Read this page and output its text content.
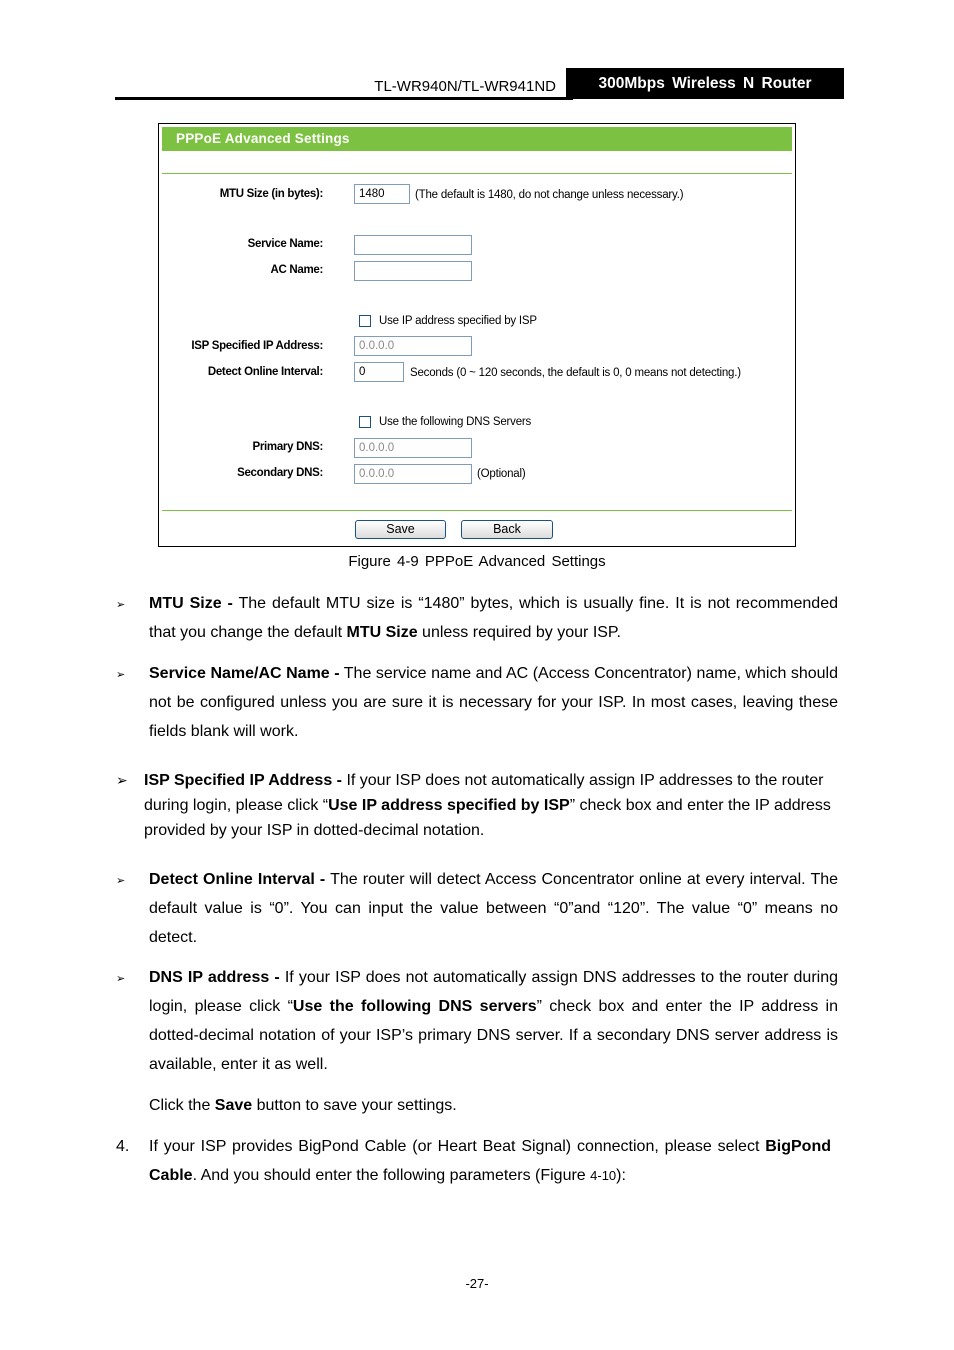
TL-WR940N/TL-WR941ND	300Mbps Wireless N Router
PPPoE Advanced Settings
MTU Size (in bytes):	1480	(The default is 1480, do not change unless necessary.)
Service Name:
AC Name:
Use IP address specified by ISP
ISP Specified IP Address:	0.0.0.0
Detect Online Interval:	0	Seconds (0 ~ 120 seconds, the default is 0, 0 means not detecting.)
Use the following DNS Servers
Primary DNS:	0.0.0.0
Secondary DNS:	0.0.0.0	(Optional)
Save	Back
Figure 4-9 PPPoE Advanced Settings
➢ MTU Size - The default MTU size is “1480” bytes, which is usually fine. It is not recommended that you change the default MTU Size unless required by your ISP.
➢ Service Name/AC Name - The service name and AC (Access Concentrator) name, which should not be configured unless you are sure it is necessary for your ISP. In most cases, leaving these fields blank will work.
➢ ISP Specified IP Address - If your ISP does not automatically assign IP addresses to the router during login, please click “Use IP address specified by ISP” check box and enter the IP address provided by your ISP in dotted-decimal notation.
➢ Detect Online Interval - The router will detect Access Concentrator online at every interval. The default value is “0”. You can input the value between “0”and “120”. The value “0” means no detect.
➢ DNS IP address - If your ISP does not automatically assign DNS addresses to the router during login, please click “Use the following DNS servers” check box and enter the IP address in dotted-decimal notation of your ISP’s primary DNS server. If a secondary DNS server address is available, enter it as well.
Click the Save button to save your settings.
4.	If your ISP provides BigPond Cable (or Heart Beat Signal) connection, please select BigPond Cable. And you should enter the following parameters (Figure 4-10):
-27-
